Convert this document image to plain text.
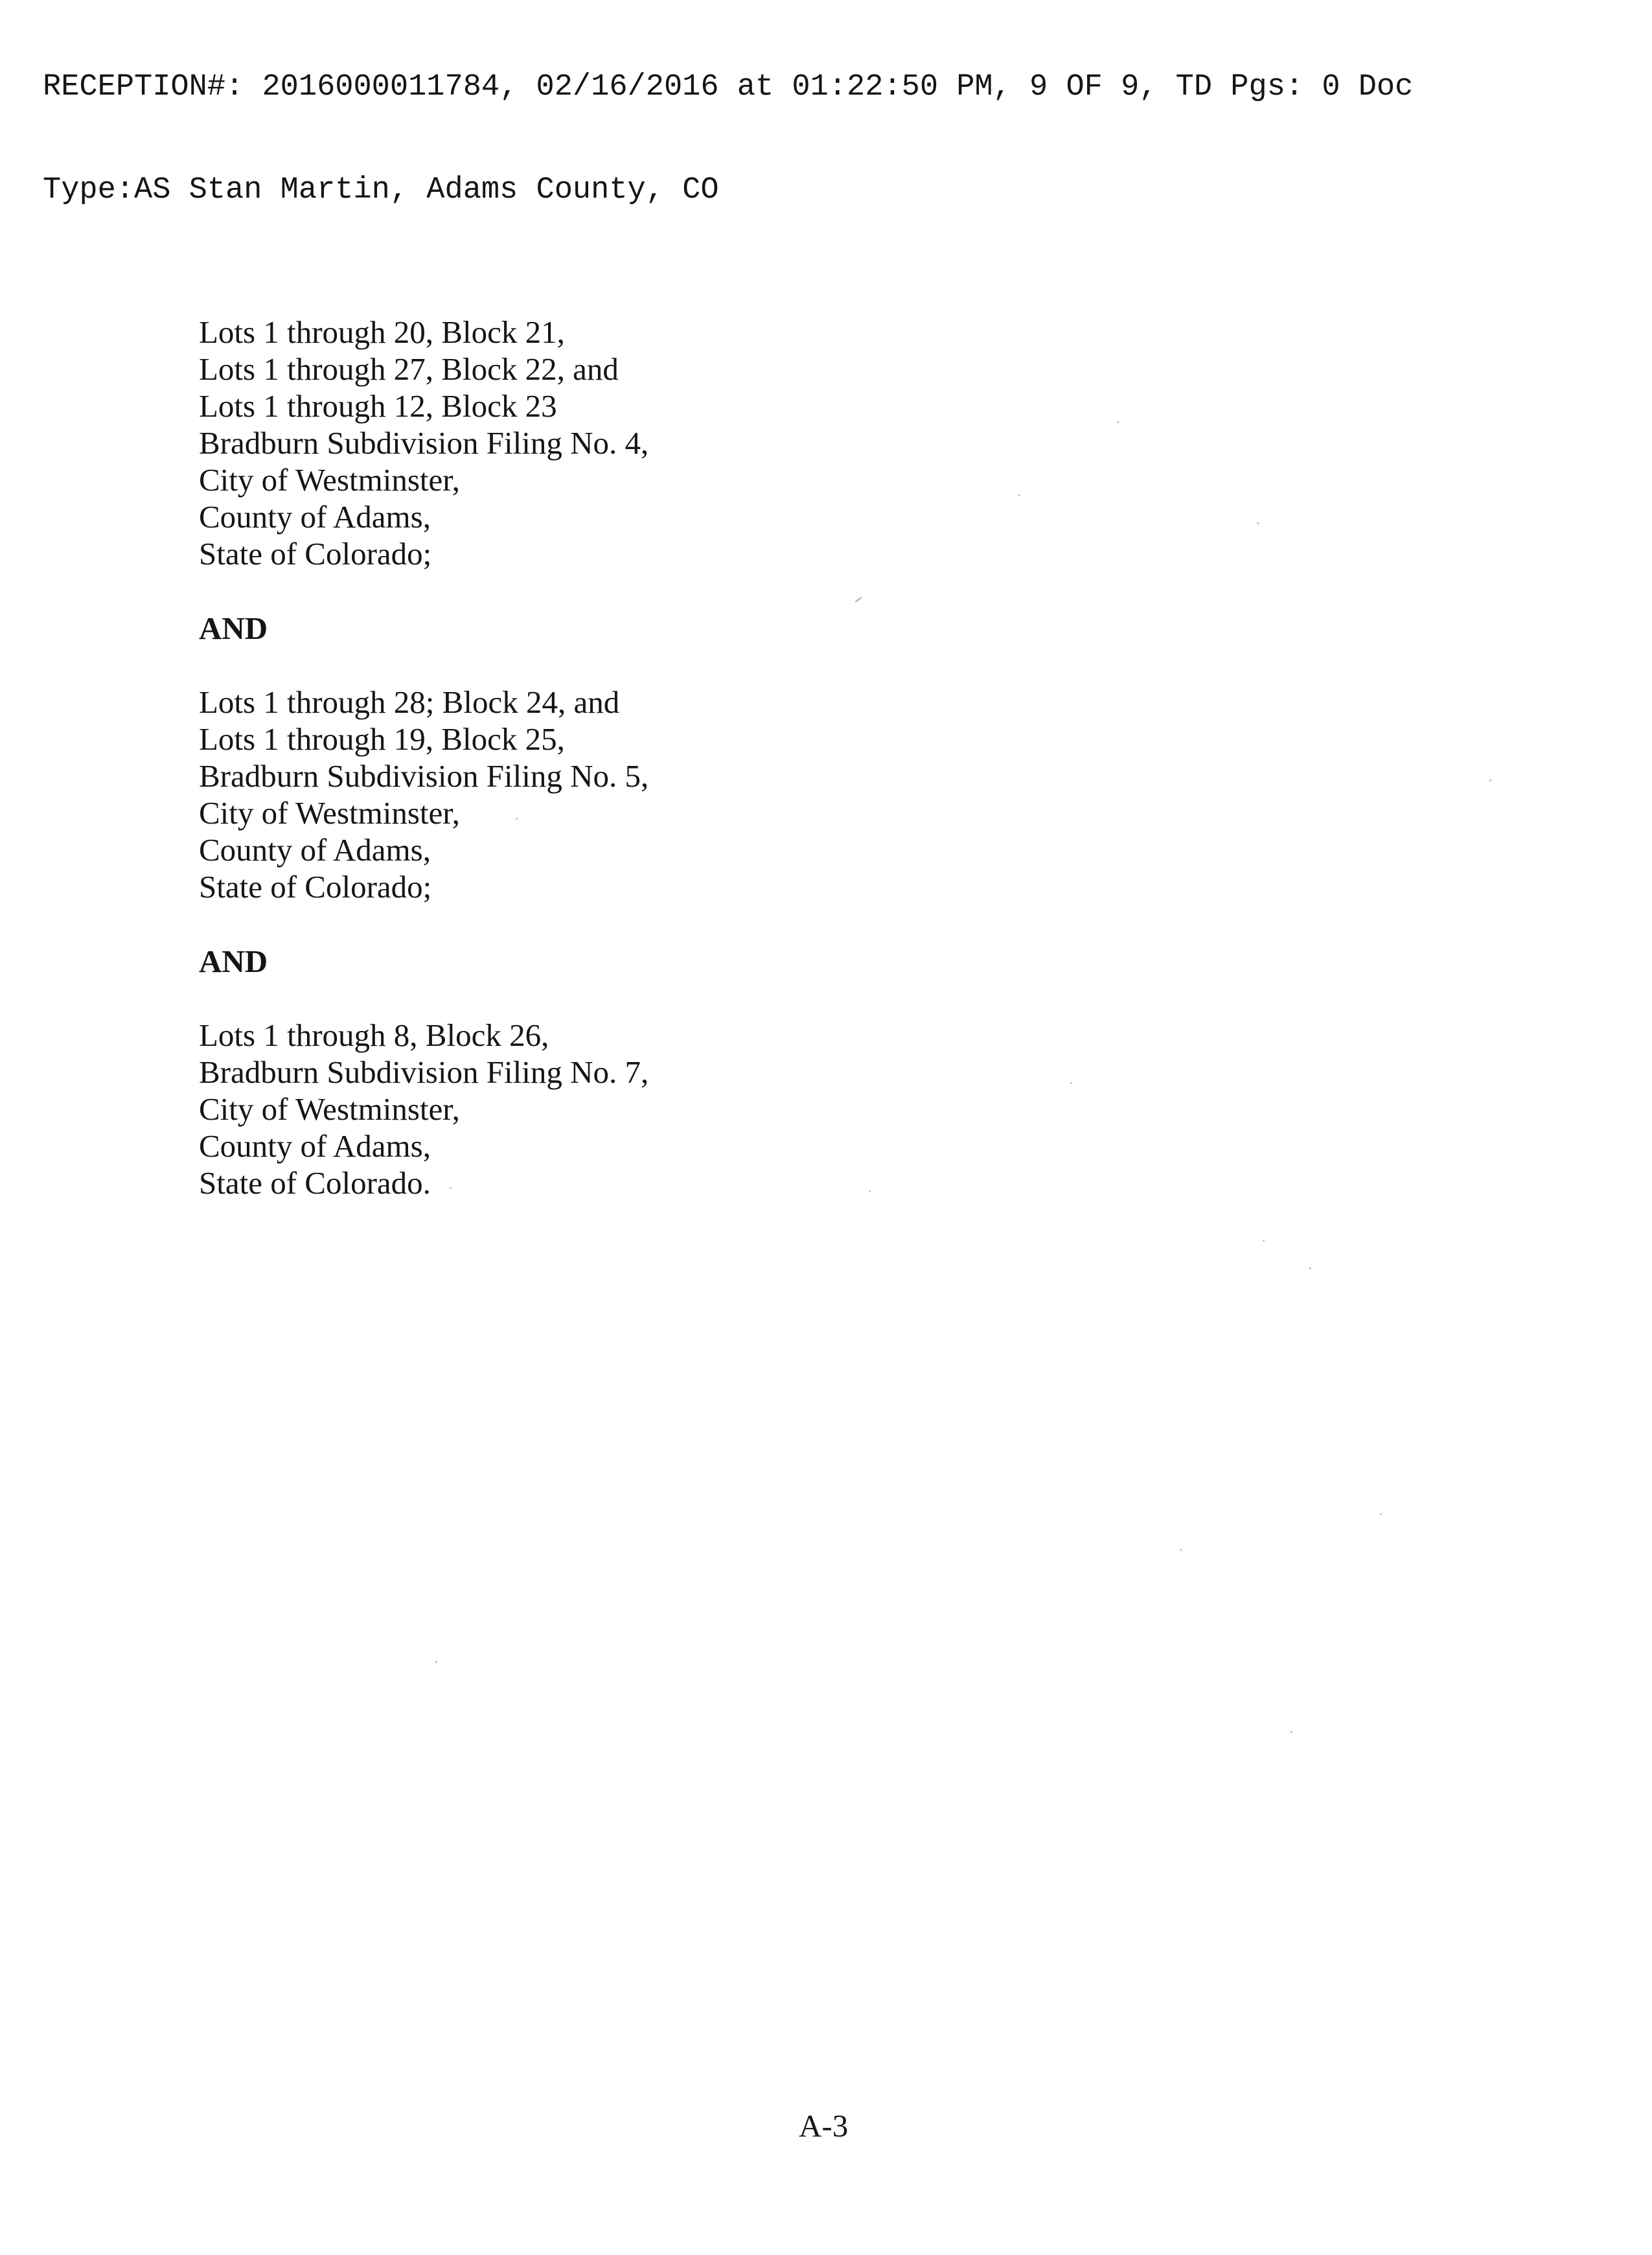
RECEPTION#: 2016000011784, 02/16/2016 at 01:22:50 PM, 9 OF 9, TD Pgs: 0 Doc

Type:AS Stan Martin, Adams County, CO

Lots 1 through 20, Block 21,
Lots 1 through 27, Block 22, and
Lots 1 through 12, Block 23
Bradburn Subdivision Filing No. 4,
City of Westminster,
County of Adams,
State of Colorado;
AND
Lots 1 through 28; Block 24, and
Lots 1 through 19, Block 25,
Bradburn Subdivision Filing No. 5,
City of Westminster,
County of Adams,
State of Colorado;
AND
Lots 1 through 8, Block 26,
Bradburn Subdivision Filing No. 7,
City of Westminster,
County of Adams,
State of Colorado.
A-3
